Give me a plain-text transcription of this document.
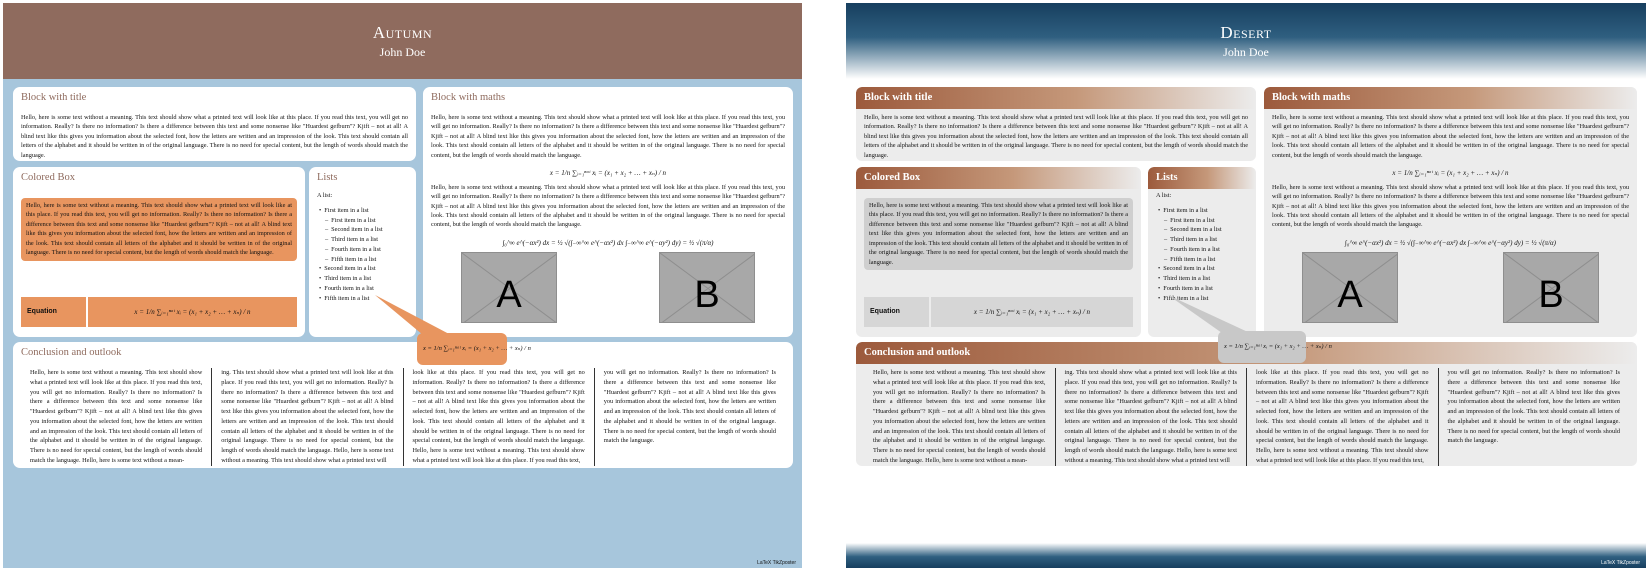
Autumn
John Doe
Block with title
Hello, here is some text without a meaning. This text should show what a printed text will look like at this place. If you read this text, you will get no information. Really? Is there no information? Is there a difference between this text and some nonsense like "Huardest gefburn"? Kjift – not at all! A blind text like this gives you information about the selected font, how the letters are written and an impression of the look. This text should contain all letters of the alphabet and it should be written in of the original language. There is no need for special content, but the length of words should match the language.
Colored Box
Hello, here is some text without a meaning. This text should show what a printed text will look like at this place. If you read this text, you will get no information. Really? Is there no information? Is there a difference between this text and some nonsense like "Huardest gefburn"? Kjift – not at all! A blind text like this gives you information about the selected font, how the letters are written and an impression of the look. This text should contain all letters of the alphabet and it should be written in of the original language. There is no need for special content, but the length of words should match the language.
Equation	x = 1/n ∑ᵢ₌₁ⁿᵃᵗ xᵢ = (x₁ + x₂ + … + xₙ) / n
Lists
A list:
• First item in a list
– First item in a list
– Second item in a list
– Third item in a list
– Fourth item in a list
– Fifth item in a list
• Second item in a list
• Third item in a list
• Fourth item in a list
• Fifth item in a list
Block with maths
Hello, here is some text without a meaning. This text should show what a printed text will look like at this place. If you read this text, you will get no information. Really? Is there no information? Is there a difference between this text and some nonsense like "Huardest gefburn"? Kjift – not at all! A blind text like this gives you information about the selected font, how the letters are written and an impression of the look. This text should contain all letters of the alphabet and it should be written in of the original language. There is no need for special content, but the length of words should match the language.
x = 1/n ∑ᵢ₌₁ⁿᵃᵗ xᵢ = (x₁ + x₂ + … + xₙ) / n
Hello, here is some text without a meaning. This text should show what a printed text will look like at this place. If you read this text, you will get no information. Really? Is there no information? Is there a difference between this text and some nonsense like "Huardest gefburn"? Kjift – not at all! A blind text like this gives you information about the selected font, how the letters are written and an impression of the look. This text should contain all letters of the alphabet and it should be written in of the original language. There is no need for special content, but the length of words should match the language.
∫₀^∞ e^(−αx²) dx = ½ √(∫₋∞^∞ e^(−αx²) dx ∫₋∞^∞ e^(−αy²) dy) = ½ √(π/α)
A	B
Conclusion and outlook
Hello, here is some text without a meaning. This text should show what a printed text will look like at this place. If you read this text, you will get no information. Really? Is there no information? Is there a difference between this text and some nonsense like "Huardest gefburn"? Kjift – not at all! A blind text like this gives you information about the selected font, how the letters are written and an impression of the look. This text should contain all letters of the alphabet and it should be written in of the original language. There is no need for special content, but the length of words should match the language. Hello, here is some text without a mean-
ing. This text should show what a printed text will look like at this place. If you read this text, you will get no information. Really? Is there no information? Is there a difference between this text and some nonsense like "Huardest gefburn"? Kjift – not at all! A blind text like this gives you information about the selected font, how the letters are written and an impression of the look. This text should contain all letters of the alphabet and it should be written in of the original language. There is no need for special content, but the length of words should match the language. Hello, here is some text without a meaning. This text should show what a printed text will
look like at this place. If you read this text, you will get no information. Really? Is there no information? Is there a difference between this text and some nonsense like "Huardest gefburn"? Kjift – not at all! A blind text like this gives you information about the selected font, how the letters are written and an impression of the look. This text should contain all letters of the alphabet and it should be written in of the original language. There is no need for special content, but the length of words should match the language. Hello, here is some text without a meaning. This text should show what a printed text will look like at this place. If you read this text,
you will get no information. Really? Is there no information? Is there a difference between this text and some nonsense like "Huardest gefburn"? Kjift – not at all! A blind text like this gives you information about the selected font, how the letters are written and an impression of the look. This text should contain all letters of the alphabet and it should be written in of the original language. There is no need for special content, but the length of words should match the language.
x = 1/n ∑ᵢ₌₁ⁿᵃᵗ xᵢ = (x₁ + x₂ + … + xₙ) / n
LaTeX TikZposter
Desert
John Doe
Block with title
Hello, here is some text without a meaning. This text should show what a printed text will look like at this place. If you read this text, you will get no information. Really? Is there no information? Is there a difference between this text and some nonsense like "Huardest gefburn"? Kjift – not at all! A blind text like this gives you information about the selected font, how the letters are written and an impression of the look. This text should contain all letters of the alphabet and it should be written in of the original language. There is no need for special content, but the length of words should match the language.
Colored Box
Hello, here is some text without a meaning. This text should show what a printed text will look like at this place. If you read this text, you will get no information. Really? Is there no information? Is there a difference between this text and some nonsense like "Huardest gefburn"? Kjift – not at all! A blind text like this gives you information about the selected font, how the letters are written and an impression of the look. This text should contain all letters of the alphabet and it should be written in of the original language. There is no need for special content, but the length of words should match the language.
Equation	x = 1/n ∑ᵢ₌₁ⁿᵃᵗ xᵢ = (x₁ + x₂ + … + xₙ) / n
Lists
A list:
• First item in a list
– First item in a list
– Second item in a list
– Third item in a list
– Fourth item in a list
– Fifth item in a list
• Second item in a list
• Third item in a list
• Fourth item in a list
• Fifth item in a list
Block with maths
Hello, here is some text without a meaning. This text should show what a printed text will look like at this place. If you read this text, you will get no information. Really? Is there no information? Is there a difference between this text and some nonsense like "Huardest gefburn"? Kjift – not at all! A blind text like this gives you information about the selected font, how the letters are written and an impression of the look. This text should contain all letters of the alphabet and it should be written in of the original language. There is no need for special content, but the length of words should match the language.
x = 1/n ∑ᵢ₌₁ⁿᵃᵗ xᵢ = (x₁ + x₂ + … + xₙ) / n
Hello, here is some text without a meaning. This text should show what a printed text will look like at this place. If you read this text, you will get no information. Really? Is there no information? Is there a difference between this text and some nonsense like "Huardest gefburn"? Kjift – not at all! A blind text like this gives you information about the selected font, how the letters are written and an impression of the look. This text should contain all letters of the alphabet and it should be written in of the original language. There is no need for special content, but the length of words should match the language.
∫₀^∞ e^(−αx²) dx = ½ √(∫₋∞^∞ e^(−αx²) dx ∫₋∞^∞ e^(−αy²) dy) = ½ √(π/α)
A	B
Conclusion and outlook
Hello, here is some text without a meaning. This text should show what a printed text will look like at this place. If you read this text, you will get no information. Really? Is there no information? Is there a difference between this text and some nonsense like "Huardest gefburn"? Kjift – not at all! A blind text like this gives you information about the selected font, how the letters are written and an impression of the look. This text should contain all letters of the alphabet and it should be written in of the original language. There is no need for special content, but the length of words should match the language. Hello, here is some text without a mean-
ing. This text should show what a printed text will look like at this place. If you read this text, you will get no information. Really? Is there no information? Is there a difference between this text and some nonsense like "Huardest gefburn"? Kjift – not at all! A blind text like this gives you information about the selected font, how the letters are written and an impression of the look. This text should contain all letters of the alphabet and it should be written in of the original language. There is no need for special content, but the length of words should match the language. Hello, here is some text without a meaning. This text should show what a printed text will
look like at this place. If you read this text, you will get no information. Really? Is there no information? Is there a difference between this text and some nonsense like "Huardest gefburn"? Kjift – not at all! A blind text like this gives you information about the selected font, how the letters are written and an impression of the look. This text should contain all letters of the alphabet and it should be written in of the original language. There is no need for special content, but the length of words should match the language. Hello, here is some text without a meaning. This text should show what a printed text will look like at this place. If you read this text,
you will get no information. Really? Is there no information? Is there a difference between this text and some nonsense like "Huardest gefburn"? Kjift – not at all! A blind text like this gives you information about the selected font, how the letters are written and an impression of the look. This text should contain all letters of the alphabet and it should be written in of the original language. There is no need for special content, but the length of words should match the language.
x = 1/n ∑ᵢ₌₁ⁿᵃᵗ xᵢ = (x₁ + x₂ + … + xₙ) / n
LaTeX TikZposter
